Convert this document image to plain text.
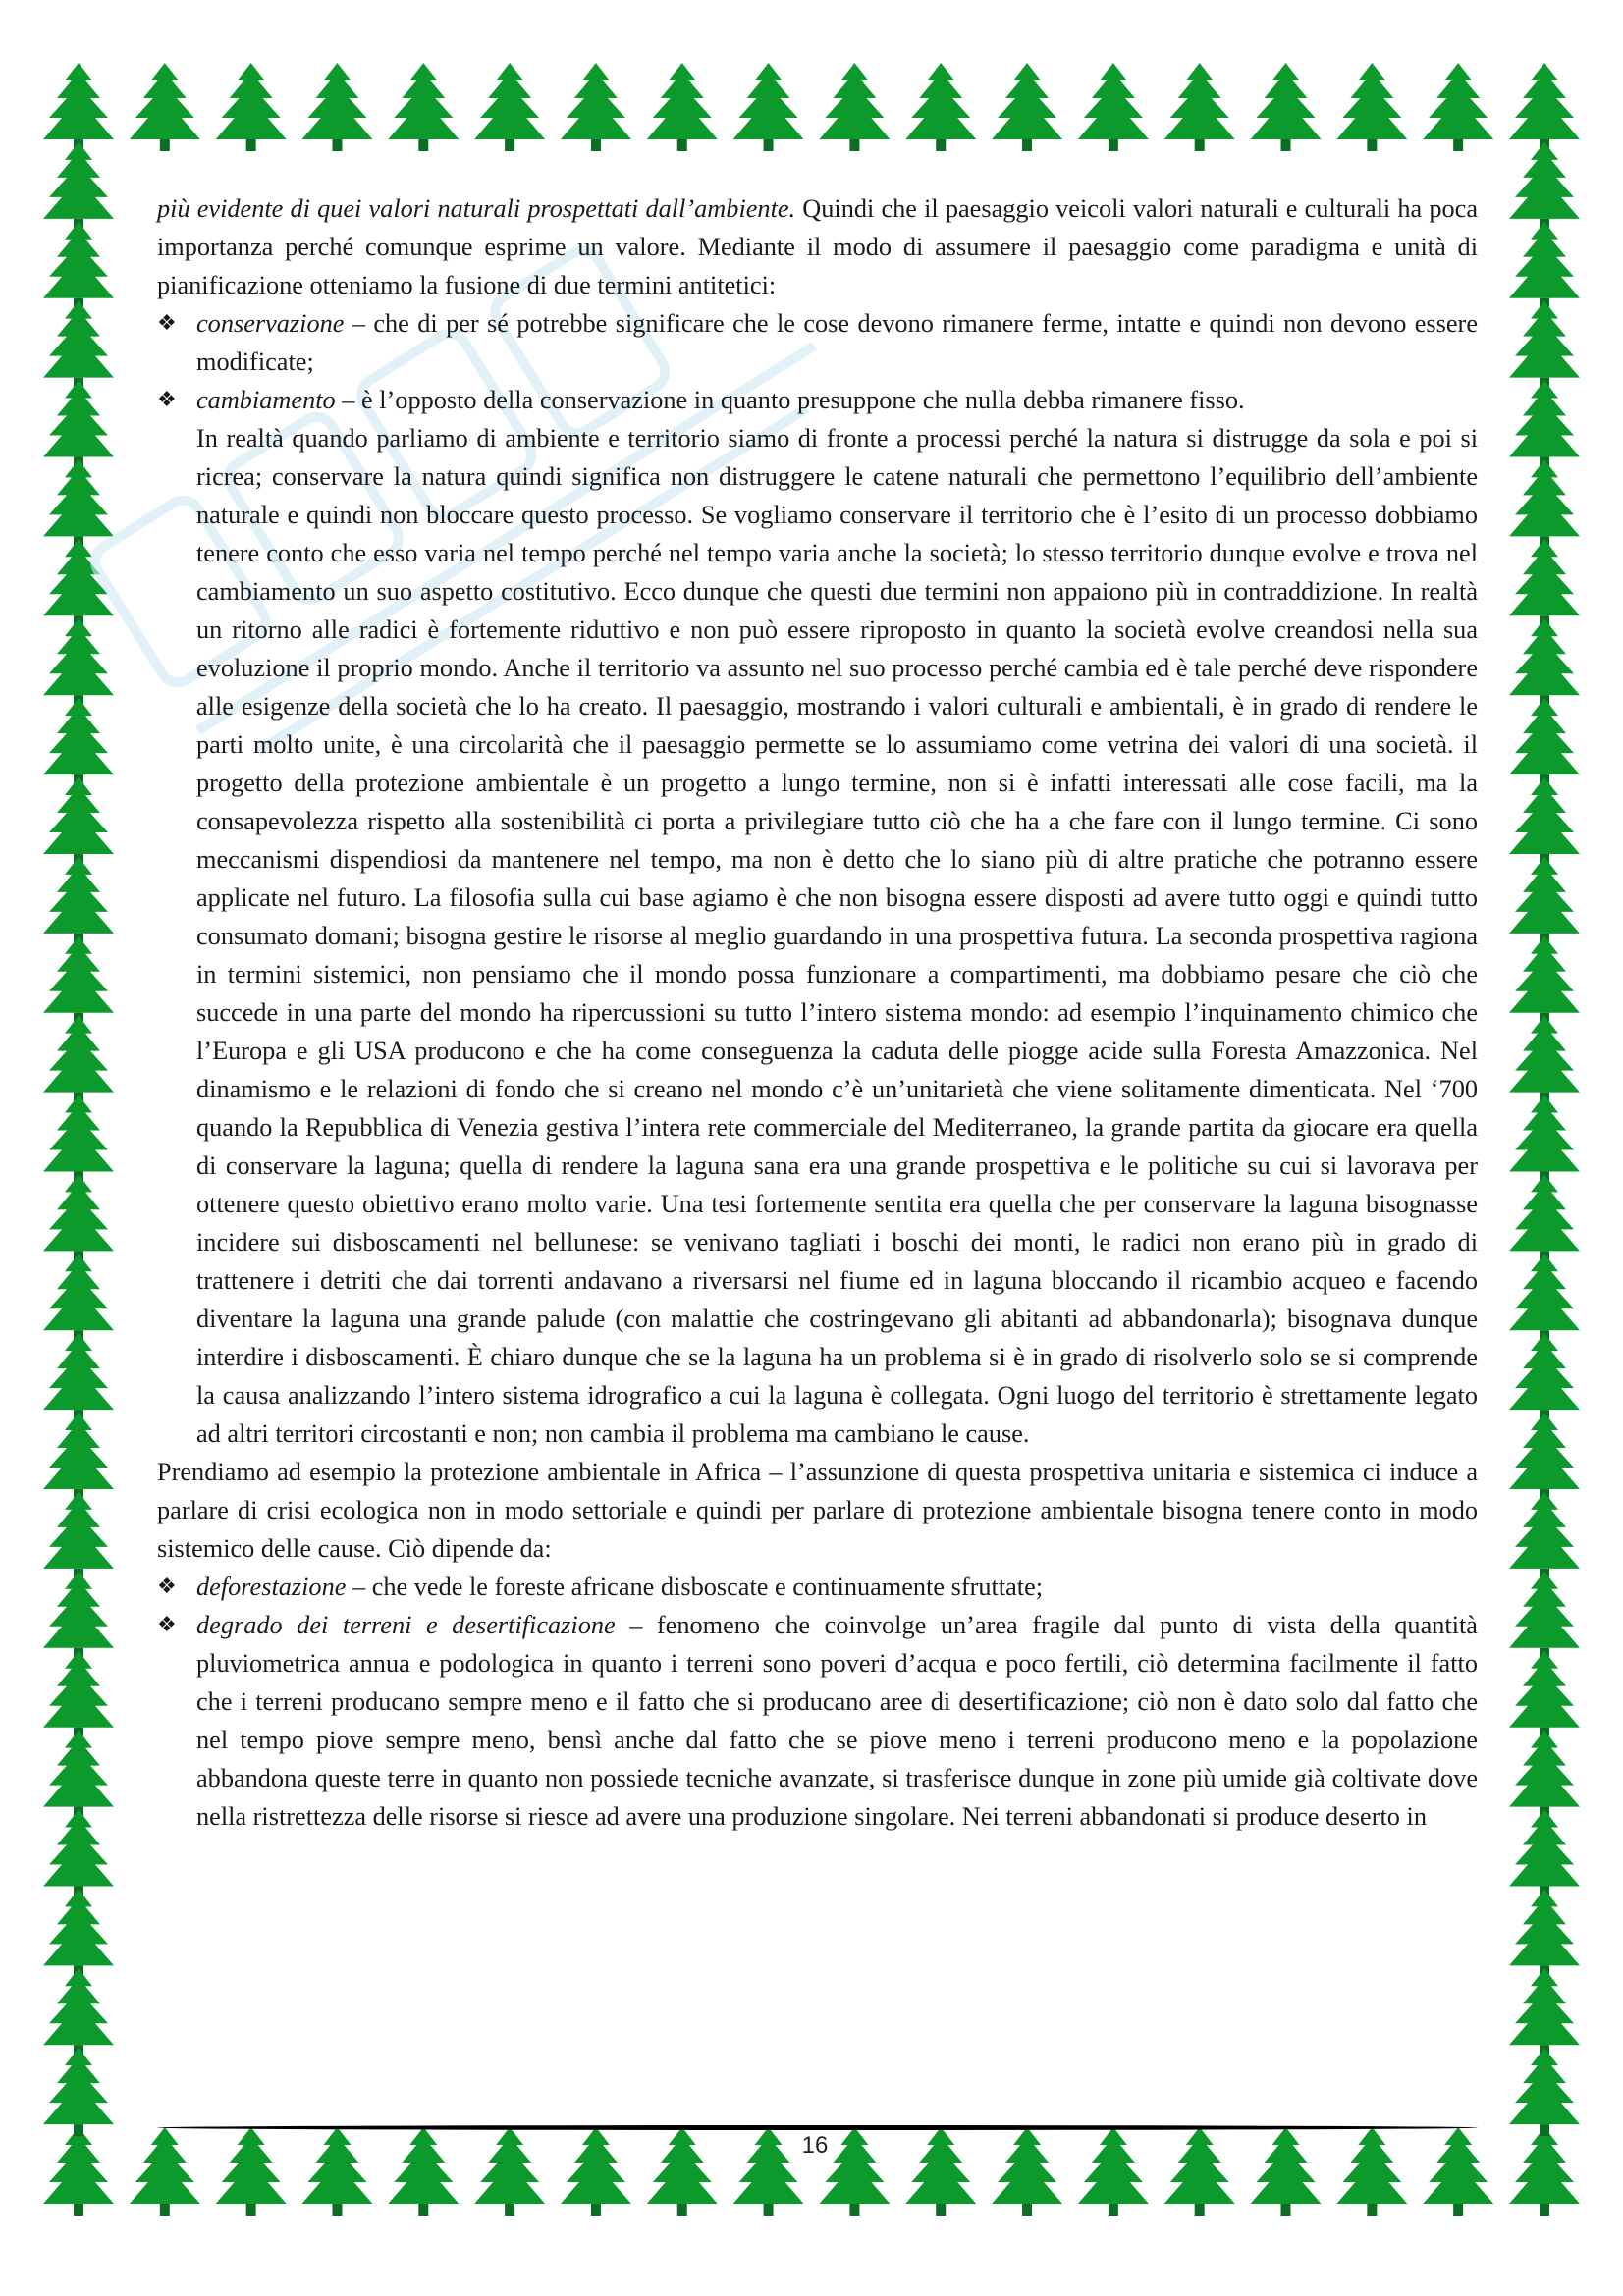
più evidente di quei valori naturali prospettati dall’ambiente. Quindi che il paesaggio veicoli valori naturali e culturali ha poca importanza perché comunque esprime un valore. Mediante il modo di assumere il paesaggio come paradigma e unità di pianificazione otteniamo la fusione di due termini antitetici:

❖ conservazione – che di per sé potrebbe significare che le cose devono rimanere ferme, intatte e quindi non devono essere modificate;

❖ cambiamento – è l’opposto della conservazione in quanto presuppone che nulla debba rimanere fisso.

In realtà quando parliamo di ambiente e territorio siamo di fronte a processi perché la natura si distrugge da sola e poi si ricrea; conservare la natura quindi significa non distruggere le catene naturali che permettono l’equilibrio dell’ambiente naturale e quindi non bloccare questo processo. Se vogliamo conservare il territorio che è l’esito di un processo dobbiamo tenere conto che esso varia nel tempo perché nel tempo varia anche la società; lo stesso territorio dunque evolve e trova nel cambiamento un suo aspetto costitutivo. Ecco dunque che questi due termini non appaiono più in contraddizione. In realtà un ritorno alle radici è fortemente riduttivo e non può essere riproposto in quanto la società evolve creandosi nella sua evoluzione il proprio mondo. Anche il territorio va assunto nel suo processo perché cambia ed è tale perché deve rispondere alle esigenze della società che lo ha creato. Il paesaggio, mostrando i valori culturali e ambientali, è in grado di rendere le parti molto unite, è una circolarità che il paesaggio permette se lo assumiamo come vetrina dei valori di una società. il progetto della protezione ambientale è un progetto a lungo termine, non si è infatti interessati alle cose facili, ma la consapevolezza rispetto alla sostenibilità ci porta a privilegiare tutto ciò che ha a che fare con il lungo termine. Ci sono meccanismi dispendiosi da mantenere nel tempo, ma non è detto che lo siano più di altre pratiche che potranno essere applicate nel futuro. La filosofia sulla cui base agiamo è che non bisogna essere disposti ad avere tutto oggi e quindi tutto consumato domani; bisogna gestire le risorse al meglio guardando in una prospettiva futura. La seconda prospettiva ragiona in termini sistemici, non pensiamo che il mondo possa funzionare a compartimenti, ma dobbiamo pesare che ciò che succede in una parte del mondo ha ripercussioni su tutto l’intero sistema mondo: ad esempio l’inquinamento chimico che l’Europa e gli USA producono e che ha come conseguenza la caduta delle piogge acide sulla Foresta Amazzonica. Nel dinamismo e le relazioni di fondo che si creano nel mondo c’è un’unitarietà che viene solitamente dimenticata. Nel ‘700 quando la Repubblica di Venezia gestiva l’intera rete commerciale del Mediterraneo, la grande partita da giocare era quella di conservare la laguna; quella di rendere la laguna sana era una grande prospettiva e le politiche su cui si lavorava per ottenere questo obiettivo erano molto varie. Una tesi fortemente sentita era quella che per conservare la laguna bisognasse incidere sui disboscamenti nel bellunese: se venivano tagliati i boschi dei monti, le radici non erano più in grado di trattenere i detriti che dai torrenti andavano a riversarsi nel fiume ed in laguna bloccando il ricambio acqueo e facendo diventare la laguna una grande palude (con malattie che costringevano gli abitanti ad abbandonarla); bisognava dunque interdire i disboscamenti. È chiaro dunque che se la laguna ha un problema si è in grado di risolverlo solo se si comprende la causa analizzando l’intero sistema idrografico a cui la laguna è collegata. Ogni luogo del territorio è strettamente legato ad altri territori circostanti e non; non cambia il problema ma cambiano le cause.

Prendiamo ad esempio la protezione ambientale in Africa – l’assunzione di questa prospettiva unitaria e sistemica ci induce a parlare di crisi ecologica non in modo settoriale e quindi per parlare di protezione ambientale bisogna tenere conto in modo sistemico delle cause. Ciò dipende da:

❖ deforestazione – che vede le foreste africane disboscate e continuamente sfruttate;

❖ degrado dei terreni e desertificazione – fenomeno che coinvolge un’area fragile dal punto di vista della quantità pluviometrica annua e podologica in quanto i terreni sono poveri d’acqua e poco fertili, ciò determina facilmente il fatto che i terreni producano sempre meno e il fatto che si producano aree di desertificazione; ciò non è dato solo dal fatto che nel tempo piove sempre meno, bensì anche dal fatto che se piove meno i terreni producono meno e la popolazione abbandona queste terre in quanto non possiede tecniche avanzate, si trasferisce dunque in zone più umide già coltivate dove nella ristrettezza delle risorse si riesce ad avere una produzione singolare. Nei terreni abbandonati si produce deserto in

16
